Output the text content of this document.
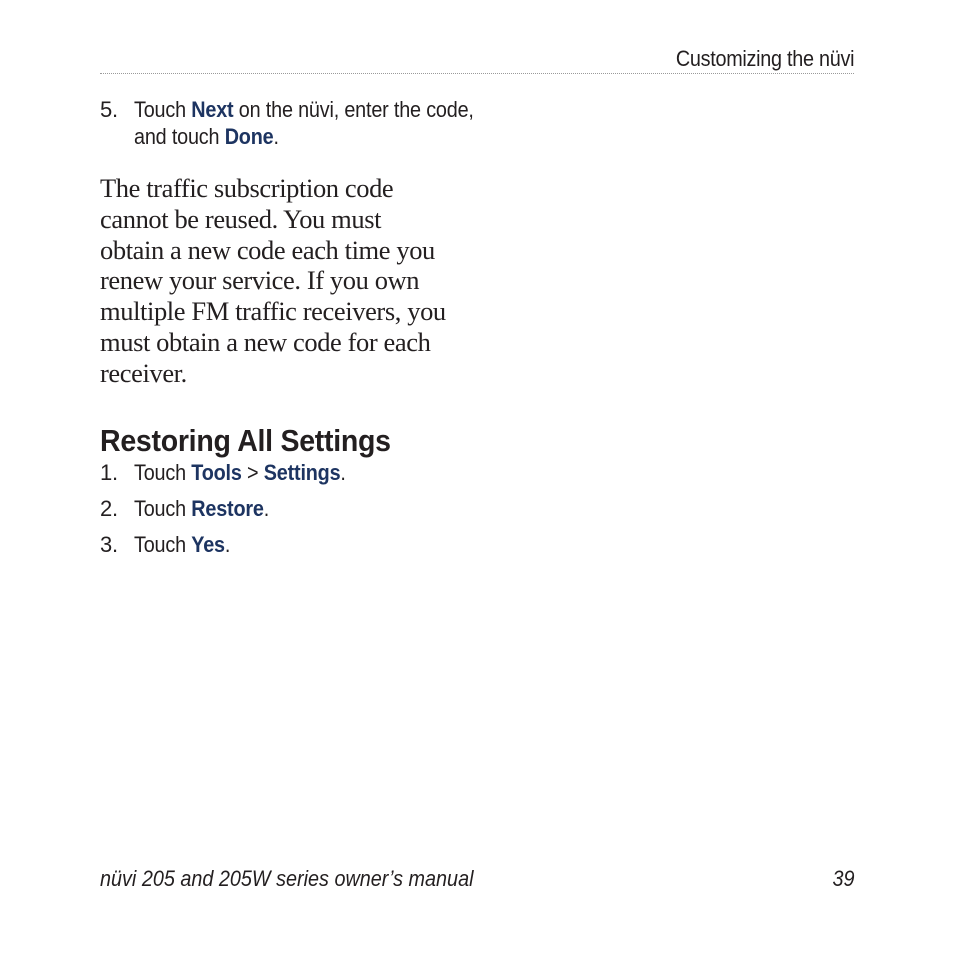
Customizing the nüvi
5. Touch Next on the nüvi, enter the code, and touch Done.
The traffic subscription code cannot be reused. You must obtain a new code each time you renew your service. If you own multiple FM traffic receivers, you must obtain a new code for each receiver.
Restoring All Settings
1. Touch Tools > Settings.
2. Touch Restore.
3. Touch Yes.
nüvi 205 and 205W series owner’s manual	39
